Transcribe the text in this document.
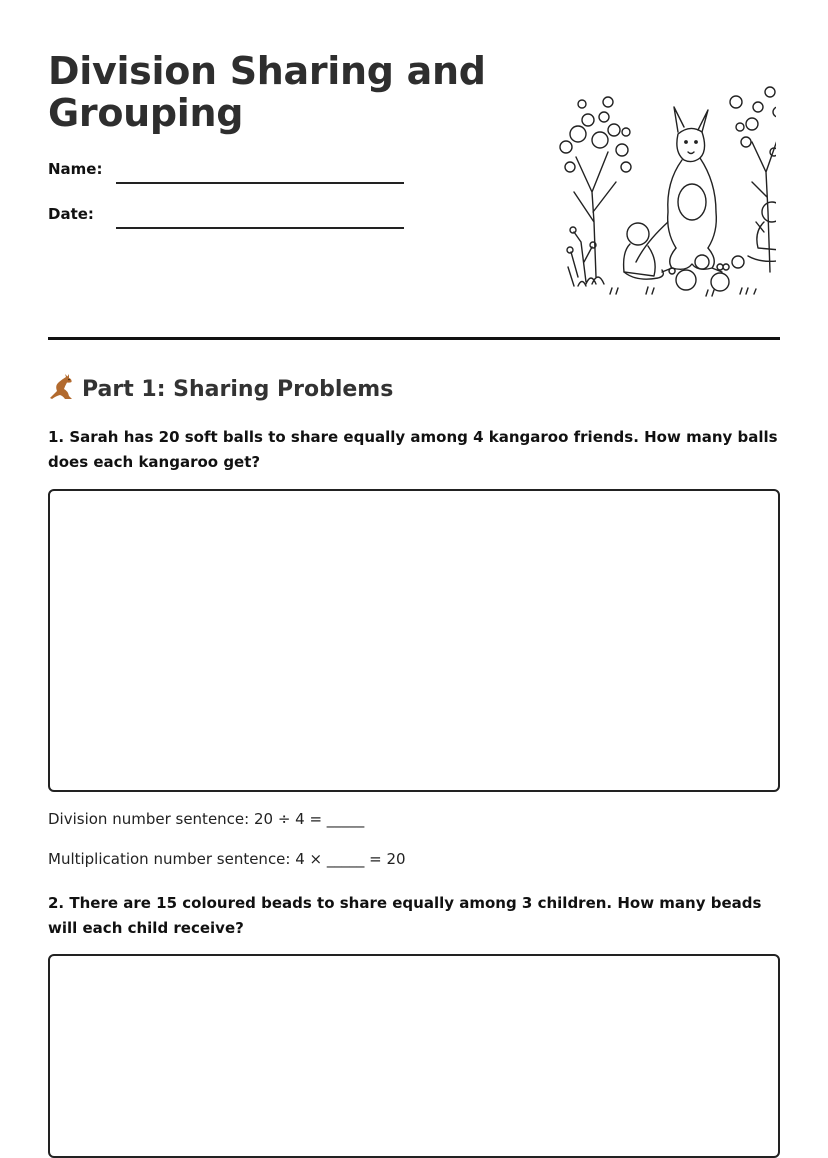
Division Sharing and Grouping
Name:
Date:
Part 1: Sharing Problems
1. Sarah has 20 soft balls to share equally among 4 kangaroo friends. How many balls does each kangaroo get?
Division number sentence: 20 ÷ 4 = _____
Multiplication number sentence: 4 × _____ = 20
2. There are 15 coloured beads to share equally among 3 children. How many beads will each child receive?
